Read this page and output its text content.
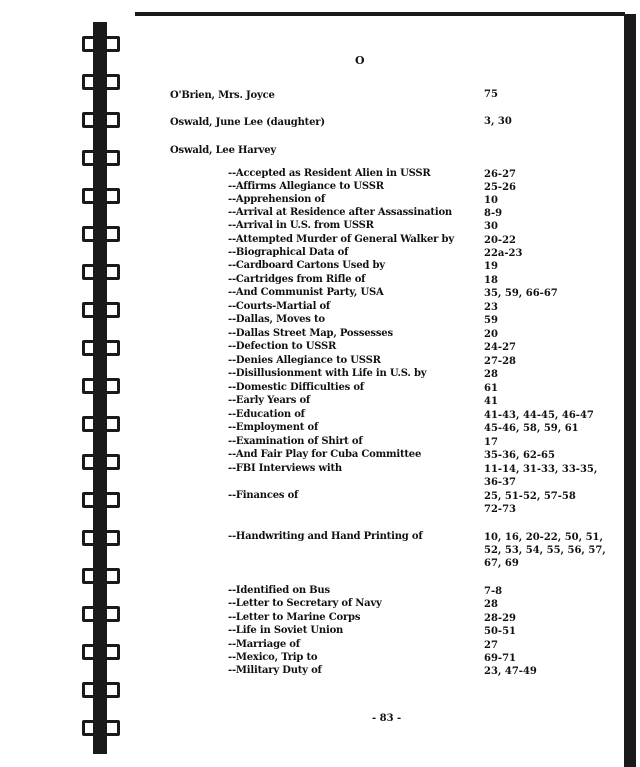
O
O'Brien, Mrs. Joyce	75
Oswald, June Lee (daughter)	3, 30
Oswald, Lee Harvey
--Accepted as Resident Alien in USSR	26-27
--Affirms Allegiance to USSR	25-26
--Apprehension of	10
--Arrival at Residence after Assassination	8-9
--Arrival in U.S. from USSR	30
--Attempted Murder of General Walker by	20-22
--Biographical Data of	22a-23
--Cardboard Cartons Used by	19
--Cartridges from Rifle of	18
--And Communist Party, USA	35, 59, 66-67
--Courts-Martial of	23
--Dallas, Moves to	59
--Dallas Street Map, Possesses	20
--Defection to USSR	24-27
--Denies Allegiance to USSR	27-28
--Disillusionment with Life in U.S. by	28
--Domestic Difficulties of	61
--Early Years of	41
--Education of	41-43, 44-45, 46-47
--Employment of	45-46, 58, 59, 61
--Examination of Shirt of	17
--And Fair Play for Cuba Committee	35-36, 62-65
--FBI Interviews with	11-14, 31-33, 33-35,
36-37
--Finances of	25, 51-52, 57-58
72-73
--Handwriting and Hand Printing of	10, 16, 20-22, 50, 51,
52, 53, 54, 55, 56, 57,
67, 69
--Identified on Bus	7-8
--Letter to Secretary of Navy	28
--Letter to Marine Corps	28-29
--Life in Soviet Union	50-51
--Marriage of	27
--Mexico, Trip to	69-71
--Military Duty of	23, 47-49
- 83 -
